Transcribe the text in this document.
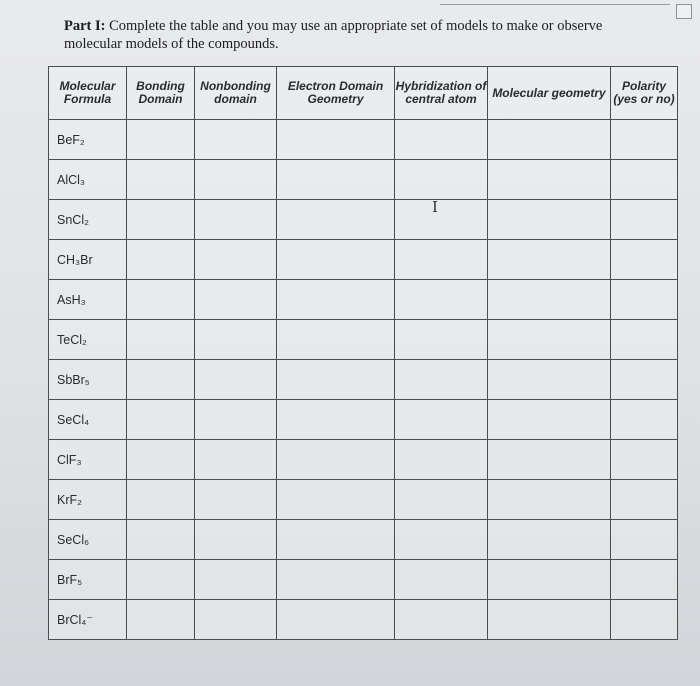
Part I: Complete the table and you may use an appropriate set of models to make or observe molecular models of the compounds.
Molecular Formula	Bonding Domain	Nonbonding domain	Electron Domain Geometry	Hybridization of central atom	Molecular geometry	Polarity (yes or no)
BeF₂						
AlCl₃						
SnCl₂						
CH₃Br						
AsH₃						
TeCl₂						
SbBr₅						
SeCl₄						
ClF₃						
KrF₂						
SeCl₆						
BrF₅						
BrCl₄⁻						
I
